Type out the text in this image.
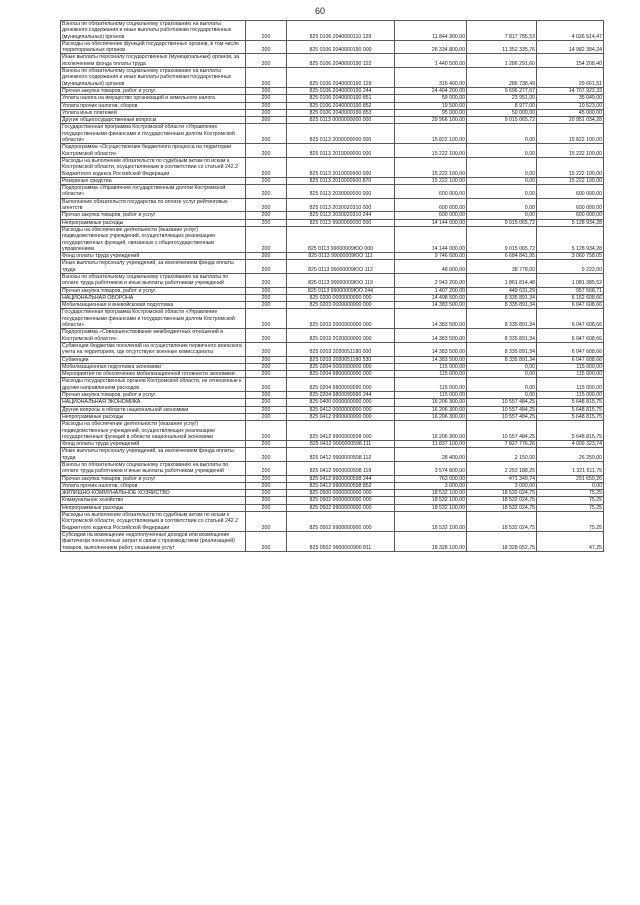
60
Взносы по обязательному социальному страхованию на выплаты денежного содержания и иные выплаты работникам государственных (муниципальных) органов	200	825 0106 2040000110 129	11 844 300,00	7 817 785,53	4 026 514,47
Расходы на обеспечение функций государственных органов, в том числе территориальных органов	200	825 0106 2040000190 000	26 334 800,00	11 352 335,76	14 982 384,24
Иные выплаты персоналу государственных (муниципальных) органов, за исключением фонда оплаты труда	200	825 0106 2040000190 122	1 440 500,00	1 286 291,60	154 208,40
Взносы по обязательному социальному страхованию на выплаты денежного содержания и иные выплаты работникам государственных (муниципальных) органов	200	825 0106 2040000190 129	316 400,00	286 738,49	29 661,51
Прочая закупка товаров, работ и услуг	200	825 0106 2040000190 244	24 404 200,00	9 696 277,67	14 707 922,33
Уплата налога на имущество организаций и земельного налога	200	825 0106 2040000190 851	59 000,00	23 951,00	35 049,00
Уплата прочих налогов, сборов	200	825 0106 2040000190 852	19 500,00	8 977,00	10 523,00
Уплата иных платежей	200	825 0106 2040000190 853	95 000,00	50 000,00	45 000,00
Другие общегосударственные вопросы	200	825 0113 0000000000 000	29 966 100,00	9 015 065,72	20 951 034,28
Государственная программа Костромской области «Управление государственными финансами и государственным долгом Костромской области»	200	825 0113 2000000000 000	15 822 100,00	0,00	15 822 100,00
Подпрограмма «Осуществление бюджетного процесса на территории Костромской области»	200	825 0113 2010000000 000	15 222 100,00	0,00	15 222 100,00
Расходы на выполнение обязательств по судебным актам по искам к Костромской области, осуществляемым в соответствии со статьей 242.2 Бюджетного кодекса Российской Федерации	200	825 0113 2010000900 000	15 222 100,00	0,00	15 222 100,00
Резервные средства	200	825 0113 2010000900 870	15 222 100,00	0,00	15 222 100,00
Подпрограмма «Управление государственным долгом Костромской области»	200	825 0113 2030000000 000	600 000,00	0,00	600 000,00
Выполнение обязательств государства по оплате услуг рейтинговых агентств	200	825 0113 2030020310 000	600 000,00	0,00	600 000,00
Прочая закупка товаров, работ и услуг	200	825 0113 2030020310 244	600 000,00	0,00	600 000,00
Непрограммные расходы	200	825 0113 9900000000 000	14 144 000,00	9 015 065,72	5 128 934,28
Расходы на обеспечение деятельности (оказание услуг) подведомственных учреждений, осуществляющих реализацию государственных функций, связанных с общегосударственным управлением	200	825 0113 99000009ЮО 000	14 144 000,00	9 015 065,72	5 128 934,28
Фонд оплаты труда учреждений	200	825 0113 99000009ЮО 111	9 746 600,00	6 684 841,95	3 060 758,05
Иные выплаты персоналу учреждений, за исключением фонда оплаты труда	200	825 0113 99000009ЮО 112	48 000,00	38 778,00	9 222,00
Взносы по обязательному социальному страхованию на выплаты по оплате труда работников и иные выплаты работникам учреждений	200	825 0113 99000009ЮО 119	2 943 200,00	1 861 814,48	1 081 385,52
Прочая закупка товаров, работ и услуг	200	825 0113 99000009ЮО 244	1 407 200,00	449 631,29	957 568,71
НАЦИОНАЛЬНАЯ ОБОРОНА	200	825 0200 0000000000 000	14 498 500,00	8 335 891,34	6 162 608,66
Мобилизационная и вневойсковая подготовка	200	825 0203 0000000000 000	14 383 500,00	8 335 891,34	6 047 608,66
Государственная программа Костромской области «Управление государственными финансами и государственным долгом Костромской области»	200	825 0203 2000000000 000	14 383 500,00	8 335 891,34	6 047 608,66
Подпрограмма «Совершенствование межбюджетных отношений в Костромской области»	200	825 0203 2020000000 000	14 383 500,00	8 335 891,34	6 047 608,66
Субвенции бюджетам поселений на осуществление первичного воинского учета на территориях, где отсутствуют военные комиссариаты	200	825 0203 2020051180 000	14 383 500,00	8 335 891,34	6 047 608,66
Субвенции	200	825 0203 2020051180 530	14 383 500,00	8 335 891,34	6 047 608,66
Мобилизационная подготовка экономики	200	825 0204 0000000000 000	115 000,00	0,00	115 000,00
Мероприятия по обеспечению мобилизационной готовности экономики	200	825 0204 9800000000 000	115 000,00	0,00	115 000,00
Расходы государственных органов Костромской области, не отнесенные к другим направлениям расходов	200	825 0204 9800099990 000	115 000,00	0,00	115 000,00
Прочая закупка товаров, работ и услуг	200	825 0204 9800099990 244	115 000,00	0,00	115 000,00
НАЦИОНАЛЬНАЯ ЭКОНОМИКА	200	825 0400 0000000000 000	16 206 300,00	10 557 484,25	5 648 815,75
Другие вопросы в области национальной экономики	200	825 0412 0000000000 000	16 206 300,00	10 557 484,25	5 648 815,75
Непрограммные расходы	200	825 0412 9900000000 000	16 206 300,00	10 557 484,25	5 648 815,75
Расходы на обеспечение деятельности (оказание услуг) подведомственных учреждений, осуществляющих реализацию государственных функций в области национальной экономики	200	825 0412 9900000598 000	16 206 300,00	10 557 484,25	5 648 815,75
Фонд оплаты труда учреждений	200	825 0412 9900000598 111	11 837 100,00	7 827 776,26	4 009 323,74
Иные выплаты персоналу учреждений, за исключением фонда оплаты труда	200	825 0412 9900000598 112	28 400,00	2 150,00	26 250,00
Взносы по обязательному социальному страхованию на выплаты по оплате труда работников и иные выплаты работникам учреждений	200	825 0412 9900000598 119	3 574 800,00	2 253 188,25	1 321 611,75
Прочая закупка товаров, работ и услуг	200	825 0412 9900000598 244	763 000,00	471 349,74	291 650,26
Уплата прочих налогов, сборов	200	825 0412 9900000598 852	3 000,00	3 000,00	0,00
ЖИЛИЩНО-КОММУНАЛЬНОЕ ХОЗЯЙСТВО	200	825 0500 0000000000 000	18 532 100,00	18 532 024,75	75,25
Коммунальное хозяйство	200	825 0502 0000000000 000	18 532 100,00	18 532 024,75	75,25
Непрограммные расходы	200	825 0502 9900000000 000	18 532 100,00	18 532 024,75	75,25
Расходы на выполнение обязательств по судебным актам по искам к Костромской области, осуществляемым в соответствии со статьей 242.2 Бюджетного кодекса Российской Федерации	200	825 0502 9900000900 000	18 532 100,00	18 532 024,75	75,25
Субсидии на возмещение недополученных доходов или возмещение фактически понесенных затрат в связи с производством (реализацией) товаров, выполнением работ, оказанием услуг	200	825 0502 9900000900 811	18 328 100,00	18 328 052,75	47,25
